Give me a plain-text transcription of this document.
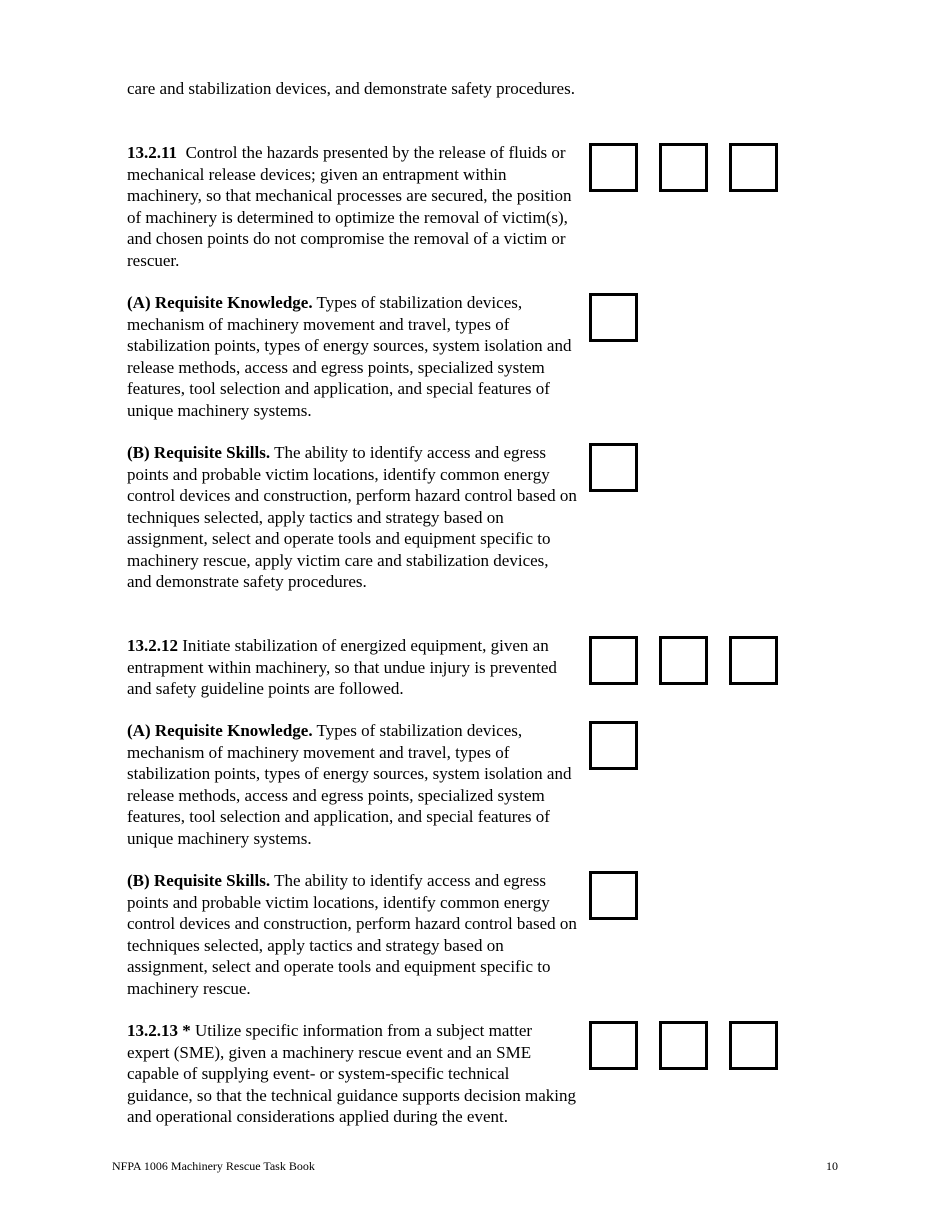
care and stabilization devices, and demonstrate safety procedures.
13.2.11 Control the hazards presented by the release of fluids or mechanical release devices; given an entrapment within machinery, so that mechanical processes are secured, the position of machinery is determined to optimize the removal of victim(s), and chosen points do not compromise the removal of a victim or rescuer.
(A) Requisite Knowledge. Types of stabilization devices, mechanism of machinery movement and travel, types of stabilization points, types of energy sources, system isolation and release methods, access and egress points, specialized system features, tool selection and application, and special features of unique machinery systems.
(B) Requisite Skills. The ability to identify access and egress points and probable victim locations, identify common energy control devices and construction, perform hazard control based on techniques selected, apply tactics and strategy based on assignment, select and operate tools and equipment specific to machinery rescue, apply victim care and stabilization devices, and demonstrate safety procedures.
13.2.12 Initiate stabilization of energized equipment, given an entrapment within machinery, so that undue injury is prevented and safety guideline points are followed.
(A) Requisite Knowledge. Types of stabilization devices, mechanism of machinery movement and travel, types of stabilization points, types of energy sources, system isolation and release methods, access and egress points, specialized system features, tool selection and application, and special features of unique machinery systems.
(B) Requisite Skills. The ability to identify access and egress points and probable victim locations, identify common energy control devices and construction, perform hazard control based on techniques selected, apply tactics and strategy based on assignment, select and operate tools and equipment specific to machinery rescue.
13.2.13 * Utilize specific information from a subject matter expert (SME), given a machinery rescue event and an SME capable of supplying event- or system-specific technical guidance, so that the technical guidance supports decision making and operational considerations applied during the event.
NFPA 1006 Machinery Rescue Task Book	10
